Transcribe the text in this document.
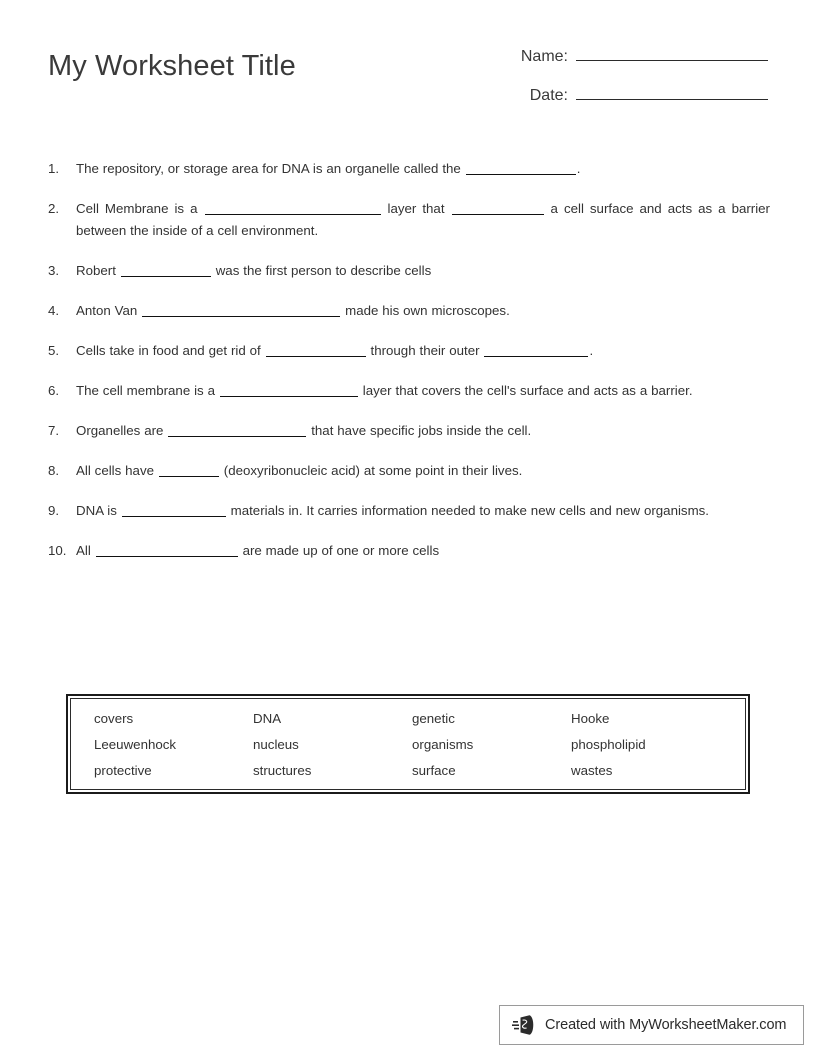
My Worksheet Title	Name:
Date:
1.	The repository, or storage area for DNA is an organelle called the	.
2.	Cell Membrane is a	layer that	a cell surface and acts as a barrier between the inside of a cell environment.
3.	Robert	was the first person to describe cells
4.	Anton Van	made his own microscopes.
5.	Cells take in food and get rid of	through their outer	.
6.	The cell membrane is a	layer that covers the cell's surface and acts as a barrier.
7.	Organelles are	that have specific jobs inside the cell.
8.	All cells have	(deoxyribonucleic acid) at some point in their lives.
9.	DNA is	materials in. It carries information needed to make new cells and new organisms.
10. All	are made up of one or more cells
covers	DNA	genetic	Hooke
Leeuwenhock	nucleus	organisms	phospholipid
protective	structures	surface	wastes
Created with MyWorksheetMaker.com
